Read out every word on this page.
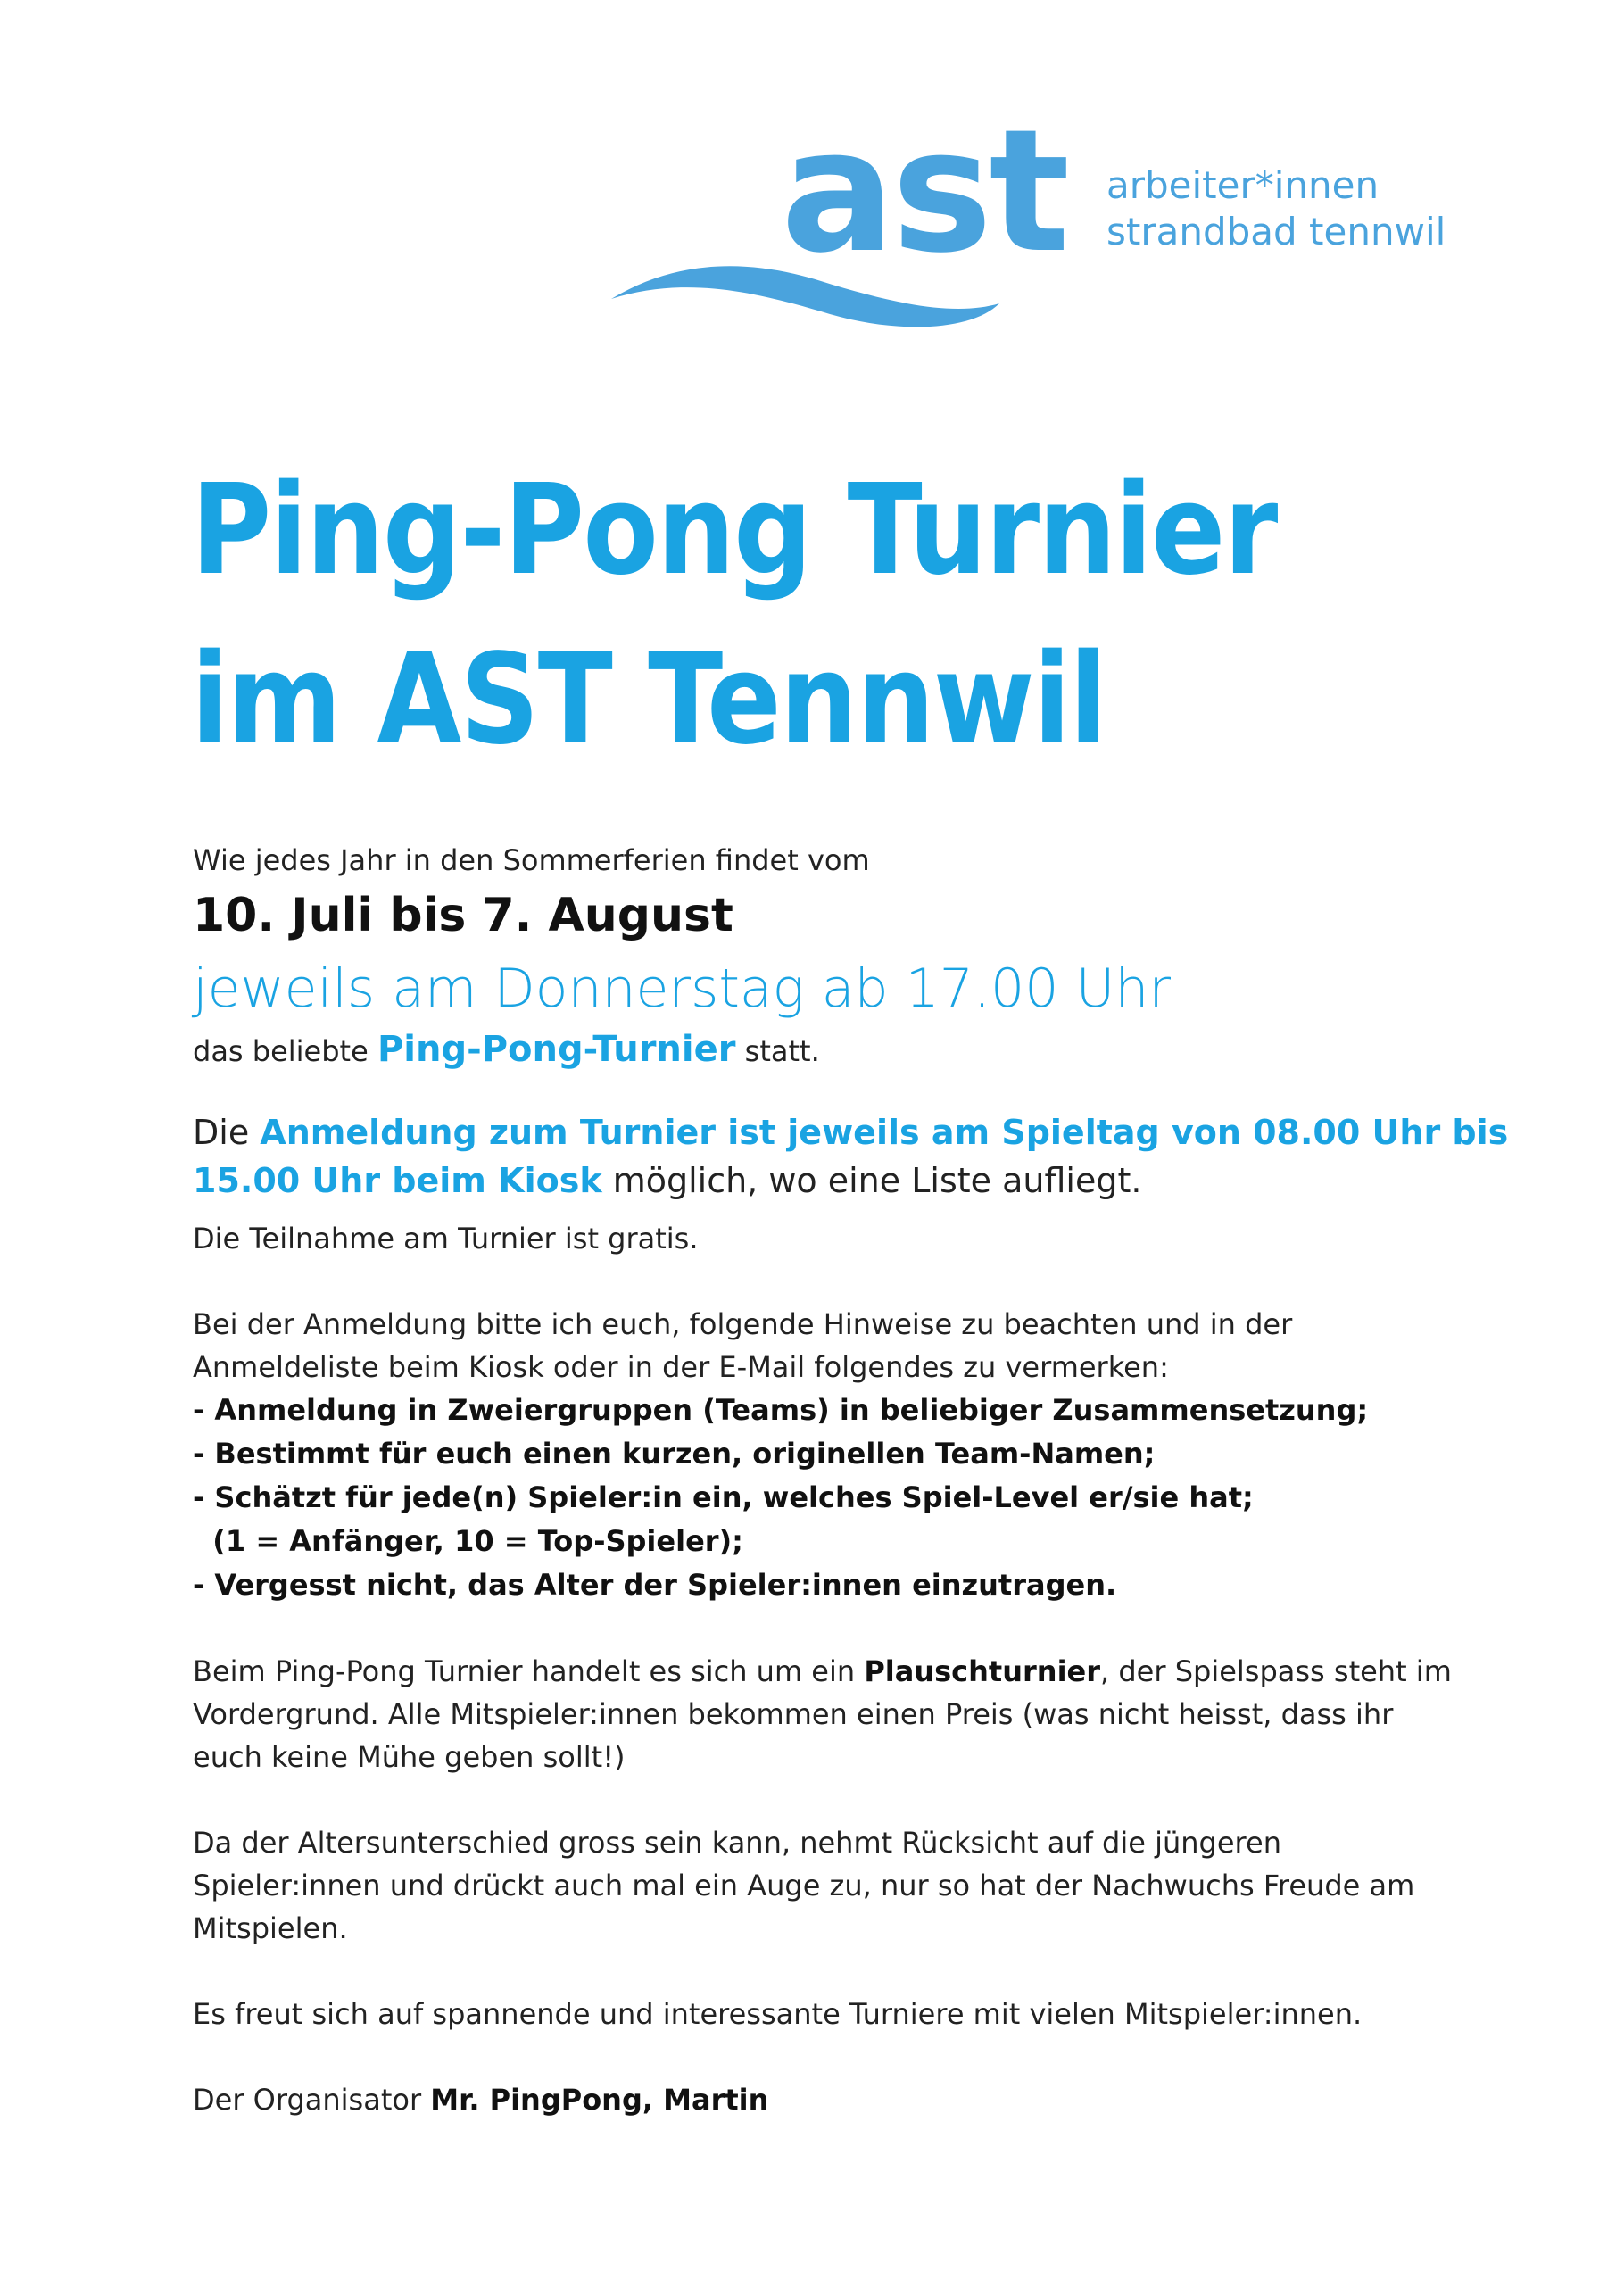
ast arbeiter*innen
strandbad tennwil
Ping-Pong Turnier
im AST Tennwil

Wie jedes Jahr in den Sommerferien findet vom

10. Juli bis 7. August

jeweils am Donnerstag ab 17.00 Uhr

das beliebte Ping-Pong-Turnier statt.

Die Anmeldung zum Turnier ist jeweils am Spieltag von 08.00 Uhr bis

15.00 Uhr beim Kiosk möglich, wo eine Liste aufliegt.

Die Teilnahme am Turnier ist gratis.

Bei der Anmeldung bitte ich euch, folgende Hinweise zu beachten und in der

Anmeldeliste beim Kiosk oder in der E-Mail folgendes zu vermerken:

- Anmeldung in Zweiergruppen (Teams) in beliebiger Zusammensetzung;

- Bestimmt für euch einen kurzen, originellen Team-Namen;

- Schätzt für jede(n) Spieler:in ein, welches Spiel-Level er/sie hat;

(1 = Anfänger, 10 = Top-Spieler);

- Vergesst nicht, das Alter der Spieler:innen einzutragen.

Beim Ping-Pong Turnier handelt es sich um ein Plauschturnier, der Spielspass steht im

Vordergrund. Alle Mitspieler:innen bekommen einen Preis (was nicht heisst, dass ihr

euch keine Mühe geben sollt!)

Da der Altersunterschied gross sein kann, nehmt Rücksicht auf die jüngeren

Spieler:innen und drückt auch mal ein Auge zu, nur so hat der Nachwuchs Freude am

Mitspielen.

Es freut sich auf spannende und interessante Turniere mit vielen Mitspieler:innen.

Der Organisator Mr. PingPong, Martin
